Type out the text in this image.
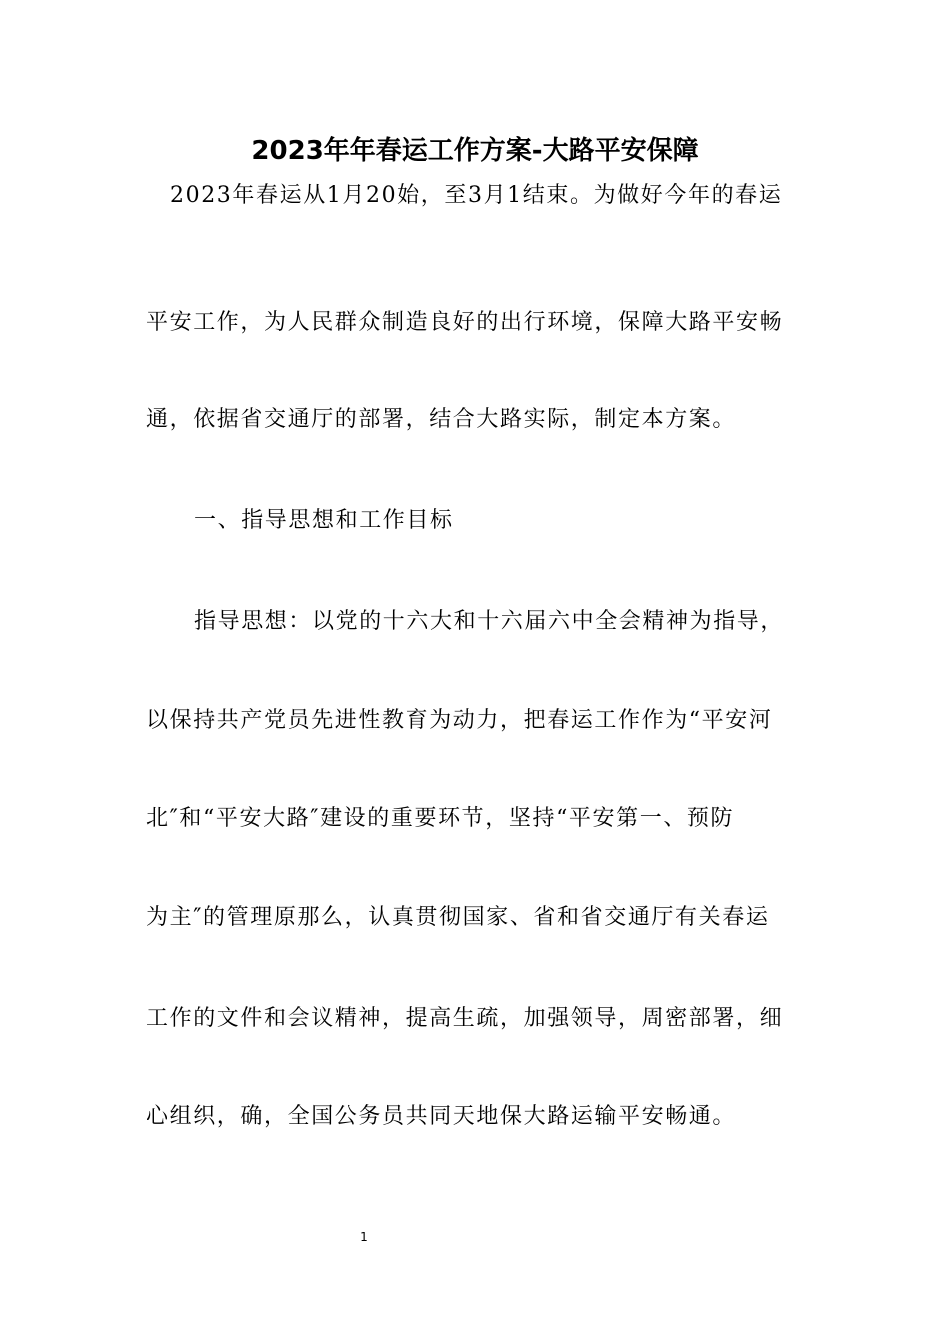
2023年年春运工作方案-大路平安保障
2023年春运从1月20始，至3月1结束。为做好今年的春运
平安工作，为人民群众制造良好的出行环境，保障大路平安畅
通，依据省交通厅的部署，结合大路实际，制定本方案。
一、指导思想和工作目标
指导思想：以党的十六大和十六届六中全会精神为指导，
以保持共产党员先进性教育为动力，把春运工作作为“平安河
北″和“平安大路″建设的重要环节，坚持“平安第一、预防
为主″的管理原那么，认真贯彻国家、省和省交通厅有关春运
工作的文件和会议精神，提高生疏，加强领导，周密部署，细
心组织，确，全国公务员共同天地保大路运输平安畅通。
1
